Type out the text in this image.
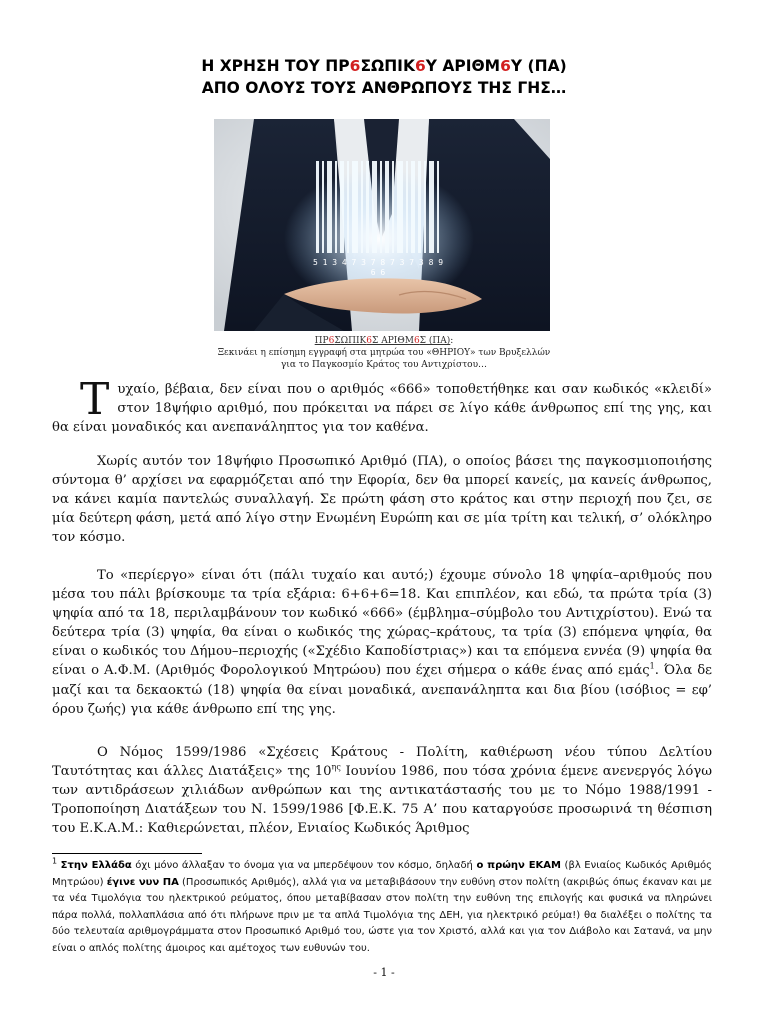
Η ΧΡΗΣΗ ΤΟΥ ΠΡ6ΣΩΠΙΚ6Υ ΑΡΙΘΜ6Υ (ΠΑ)
ΑΠΟ ΟΛΟΥΣ ΤΟΥΣ ΑΝΘΡΩΠΟΥΣ ΤΗΣ ΓΗΣ…
5 1 3 4 7 3 7 8 7 3 7 3 8 9
6 6
ΠΡ6ΣΩΠΙΚ6Σ ΑΡΙΘΜ6Σ (ΠΑ):
Ξεκινάει η επίσημη εγγραφή στα μητρώα του «ΘΗΡΙΟΥ» των Βρυξελλών
για το Παγκοσμίο Κράτος του Αντιχρίστου…
Τυχαίο, βέβαια, δεν είναι που ο αριθμός «666» τοποθετήθηκε και σαν κωδικός «κλειδί» στον 18ψήφιο αριθμό, που πρόκειται να πάρει σε λίγο κάθε άνθρωπος επί της γης, και θα είναι μοναδικός και ανεπανάληπτος για τον καθένα.
Χωρίς αυτόν τον 18ψήφιο Προσωπικό Αριθμό (ΠΑ), ο οποίος βάσει της παγκοσμιοποιήσης σύντομα θ’ αρχίσει να εφαρμόζεται από την Εφορία, δεν θα μπορεί κανείς, μα κανείς άνθρωπος, να κάνει καμία παντελώς συναλλαγή. Σε πρώτη φάση στο κράτος και στην περιοχή που ζει, σε μία δεύτερη φάση, μετά από λίγο στην Ενωμένη Ευρώπη και σε μία τρίτη και τελική, σ’ ολόκληρο τον κόσμο.
Το «περίεργο» είναι ότι (πάλι τυχαίο και αυτό;) έχουμε σύνολο 18 ψηφία–αριθμούς που μέσα του πάλι βρίσκουμε τα τρία εξάρια: 6+6+6=18. Και επιπλέον, και εδώ, τα πρώτα τρία (3) ψηφία από τα 18, περιλαμβάνουν τον κωδικό «666» (έμβλημα–σύμβολο του Αντιχρίστου). Ενώ τα δεύτερα τρία (3) ψηφία, θα είναι ο κωδικός της χώρας–κράτους, τα τρία (3) επόμενα ψηφία, θα είναι ο κωδικός του Δήμου–περιοχής («Σχέδιο Καποδίστριας») και τα επόμενα εννέα (9) ψηφία θα είναι ο Α.Φ.Μ. (Αριθμός Φορολογικού Μητρώου) που έχει σήμερα ο κάθε ένας από εμάς$^1$. Όλα δε μαζί και τα δεκαοκτώ (18) ψηφία θα είναι μοναδικά, ανεπανάληπτα και δια βίου (ισόβιος = εφ’ όρου ζωής) για κάθε άνθρωπο επί της γης.
Ο Νόμος 1599/1986 «Σχέσεις Κράτους - Πολίτη, καθιέρωση νέου τύπου Δελτίου Ταυτότητας και άλλες Διατάξεις» της $10^{\eta\varsigma}$ Ιουνίου 1986, που τόσα χρόνια έμενε ανενεργός λόγω των αντιδράσεων χιλιάδων ανθρώπων και της αντικατάστασής του με το Νόμο 1988/1991 - Τροποποίηση Διατάξεων του Ν. 1599/1986 [Φ.Ε.Κ. 75 Α’ που καταργούσε προσωρινά τη θέσπιση του Ε.Κ.Α.Μ.: Καθιερώνεται, πλέον, Ενιαίος Κωδικός Άριθμος
$^1$ Στην Ελλάδα όχι μόνο άλλαξαν το όνομα για να μπερδέψουν τον κόσμο, δηλαδή ο πρώην ΕΚΑΜ (βλ Ενιαίος Κωδικός Αριθμός Μητρώου) έγινε νυν ΠΑ (Προσωπικός Αριθμός), αλλά για να μεταβιβάσουν την ευθύνη στον πολίτη (ακριβώς όπως έκαναν και με τα νέα Τιμολόγια του ηλεκτρικού ρεύματος, όπου μεταβίβασαν στον πολίτη την ευθύνη της επιλογής και φυσικά να πληρώνει πάρα πολλά, πολλαπλάσια από ότι πλήρωνε πριν με τα απλά Τιμολόγια της ΔΕΗ, για ηλεκτρικό ρεύμα!) θα διαλέξει ο πολίτης τα δύο τελευταία αριθμογράμματα στον Προσωπικό Αριθμό του, ώστε για τον Χριστό, αλλά και για τον Διάβολο και Σατανά, να μην είναι ο απλός πολίτης άμοιρος και αμέτοχος των ευθυνών του.
- 1 -
